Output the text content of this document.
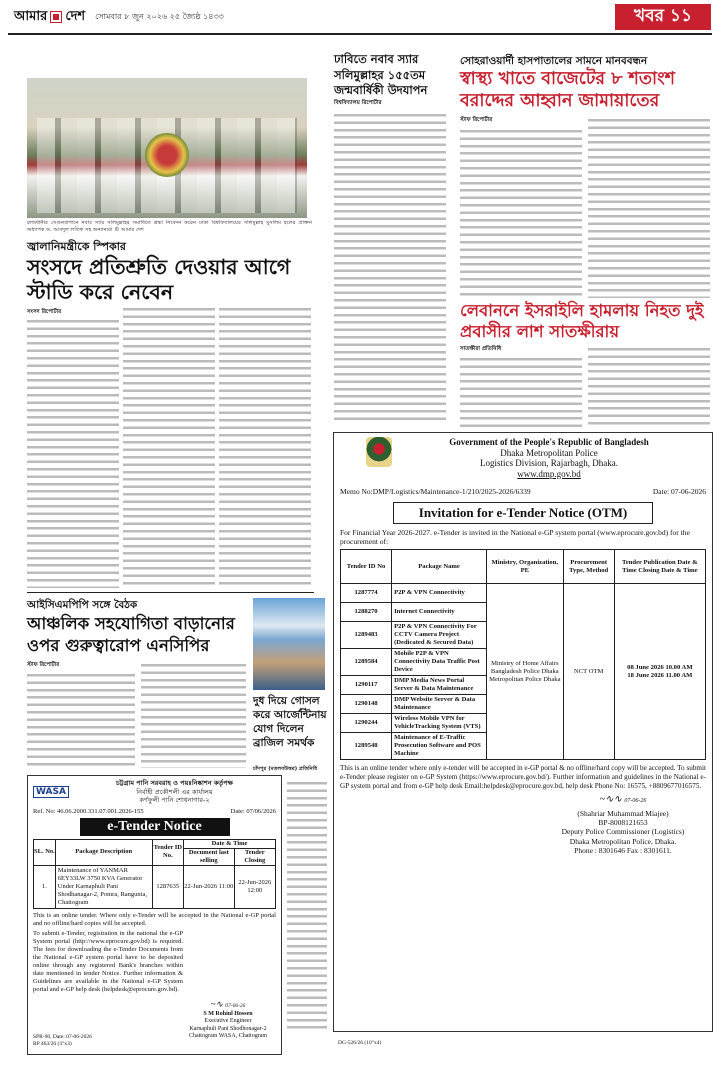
আমার দেশ সোমবার ৮ জুন ২০২৬ ২৫ জ্যৈষ্ঠ ১৪৩৩	খবর ১১
রাজধানীর সেগুনবাগানে নবাব স্যার সলিমুল্লাহর সমাধিতে শ্রদ্ধা নিবেদন করেন ঢাকা বিশ্ববিদ্যালয়ের সলিমুল্লাহ মুসলিম হলের প্রাক্তন অধ্যাপক ড. আবদুল লতিফ সহ অন্যান্যরা © আমার দেশ
জ্বালানিমন্ত্রীকে স্পিকার
সংসদে প্রতিশ্রুতি দেওয়ার আগে স্টাডি করে নেবেন
সংসদ রিপোর্টার
ঢাবিতে নবাব স্যার সলিমুল্লাহর ১৫৫তম জন্মবার্ষিকী উদযাপন
বিশ্ববিদ্যালয় রিপোর্টার
সোহরাওয়ার্দী হাসপাতালের সামনে মানববন্ধন
স্বাস্থ্য খাতে বাজেটের ৮ শতাংশ বরাদ্দের আহ্বান জামায়াতের
স্টাফ রিপোর্টার
লেবাননে ইসরাইলি হামলায় নিহত দুই প্রবাসীর লাশ সাতক্ষীরায়
সাতক্ষীরা প্রতিনিধি
Government of the People's Republic of Bangladesh
Dhaka Metropolitan Police
Logistics Division, Rajarbagh, Dhaka.
www.dmp.gov.bd
Memo No:DMP/Logistics/Maintenance-1/210/2025-2026/6339	Date: 07-06-2026
Invitation for e-Tender Notice (OTM)
For Financial Year 2026-2027. e-Tender is invited in the National e-GP system portal (www.eprocure.gov.bd) for the procurement of:
Tender ID No	Package Name	Ministry, Organization, PE	Procurement Type, Method	Tender Publication Date & Time Closing Date & Time
1287774	P2P & VPN Connectivity	Ministry of Home Affairs Bangladesh Police Dhaka Metropolitan Police Dhaka	NCT OTM	08 June 2026 10.00 AM
18 June 2026 11.00 AM

1288270	Internet Connectivity			
1289483	P2P & VPN Connectivity For CCTV Camera Project (Dedicated & Secured Data)			
1289584	Mobile P2P & VPN Connectivity Data Traffic Post Device			
1290117	DMP Media News Portal Server & Data Maintenance			
1290148	DMP Website Server & Data Maintenance			
1290244	Wireless Mobile VPN for VehicleTracking System (VTS)			
1289548	Maintenance of E-Traffic Prosecution Software and POS Machine			
This is an online tender where only e-tender will be accepted in e-GP portal & no offline/hard copy will be accepted. To submit e-Tender please register on e-GP System (https://www.eprocure.gov.bd/). Further information and guidelines in the National e-GP system portal and from e-GP help desk Email:helpdesk@eprocure.gov.bd, help desk Phone No: 16575, +8809677016575.
~∿∿ 07-06-26
(Shahriar Muhammad Miajee)
BP-8008121653
Deputy Police Commissioner (Logistics)
Dhaka Metropolitan Police, Dhaka.
Phone : 8301646 Fax : 8301611.
DG-526/26 (10"x4)
আইসিএমপিপি সঙ্গে বৈঠক
আঞ্চলিক সহযোগিতা বাড়ানোর ওপর গুরুত্বারোপ এনসিপির
স্টাফ রিপোর্টার
দুধ দিয়ে গোসল করে আর্জেন্টিনায় যোগ দিলেন ব্রাজিল সমর্থক
চাঁদপুর (মতলবউত্তর) প্রতিনিধি
WASA
চট্টগ্রাম পানি সরবরাহ ও পয়ঃনিষ্কাশন কর্তৃপক্ষ
নির্বাহী প্রকৌশলী এর কার্যালয়
কর্ণফুলী পানি শোধনাগার-২
Ref. No: 46.06.2000.331.07.001.2026-155	Date: 07/06/2026
e-Tender Notice
SL. No.	Package Description	Tender ID No.	Date & Time	
			Document last selling	Tender Closing
1.	Maintenance of YANMAR 6EY33LW 3750 KVA Generator Under Karnaphuli Pani Shodhanagar-2, Pomra, Rangunia, Chattogram	1287635	22-Jun-2026 11:00	22-Jun-2026 12:00
This is an online tender. Where only e-Tender will be accepted in the National e-GP portal and no offline/hard copies will be accepted.
To submit e-Tender, registration in the national the e-GP System portal (http://www.eprocure.gov.bd) is required. The fees for downloading the e-Tender Documents from the National e-GP system portal have to be deposited online through any registered Bank's branches within date mentioned in tender Notice. Further information & Guidelines are available in the National e-GP System portal and e-GP help desk (helpdesk@eprocure.gov.bd).
~∿ 07-06-26
S M Rohiul Hossen
Executive Engineer
Karnaphuli Pani Shodhonagar-2
Chattogram WASA, Chattogram
SPR-90, Date: 07-06-2026
RP 463/26 (3"x3)
